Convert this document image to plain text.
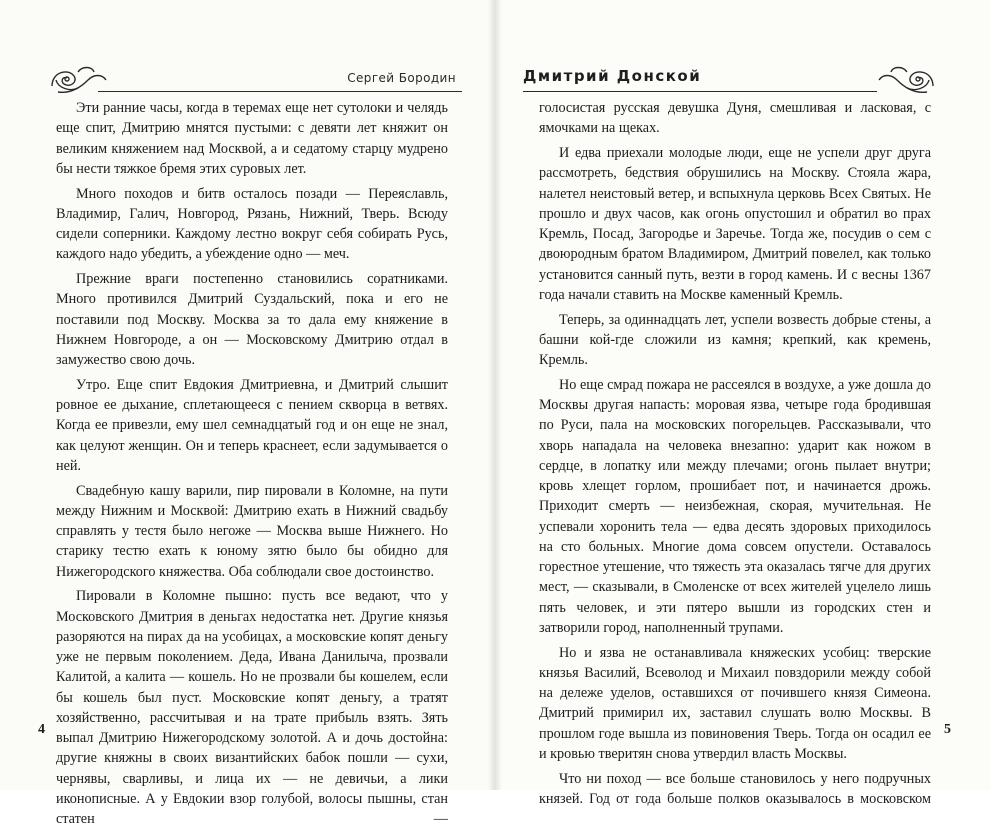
Сергей Бородин

Эти ранние часы, когда в теремах еще нет сутолоки и челядь еще спит, Дмитрию мнятся пустыми: с девяти лет княжит он великим княжением над Москвой, а и седатому старцу мудрено бы нести тяжкое бремя этих суровых лет.

Много походов и битв осталось позади — Переяславль, Владимир, Галич, Новгород, Рязань, Нижний, Тверь. Всюду сидели соперники. Каждому лестно вокруг себя собирать Русь, каждого надо убедить, а убеждение одно — меч.

Прежние враги постепенно становились соратниками. Много противился Дмитрий Суздальский, пока и его не поставили под Москву. Москва за то дала ему княжение в Нижнем Новгороде, а он — Московскому Дмитрию отдал в замужество свою дочь.

Утро. Еще спит Евдокия Дмитриевна, и Дмитрий слышит ровное ее дыхание, сплетающееся с пением скворца в ветвях. Когда ее привезли, ему шел семнадцатый год и он еще не знал, как целуют женщин. Он и теперь краснеет, если задумывается о ней.

Свадебную кашу варили, пир пировали в Коломне, на пути между Нижним и Москвой: Дмитрию ехать в Нижний свадьбу справлять у тестя было негоже — Москва выше Нижнего. Но старику тестю ехать к юному зятю было бы обидно для Нижегородского княжества. Оба соблюдали свое достоинство.

Пировали в Коломне пышно: пусть все ведают, что у Московского Дмитрия в деньгах недостатка нет. Другие князья разоряются на пирах да на усобицах, а московские копят деньгу уже не первым поколением. Деда, Ивана Данилыча, прозвали Калитой, а калита — кошель. Но не прозвали бы кошелем, если бы кошель был пуст. Московские копят деньгу, а тратят хозяйственно, рассчитывая и на трате прибыль взять. Зять выпал Дмитрию Нижегородскому золотой. А и дочь достойна: другие княжны в своих византийских бабок пошли — сухи, чернявы, сварливы, и лица их — не девичьи, а лики иконописные. А у Евдокии взор голубой, волосы пышны, стан статен —

4
Дмитрий Донской

голосистая русская девушка Дуня, смешливая и ласковая, с ямочками на щеках.

И едва приехали молодые люди, еще не успели друг друга рассмотреть, бедствия обрушились на Москву. Стояла жара, налетел неистовый ветер, и вспыхнула церковь Всех Святых. Не прошло и двух часов, как огонь опустошил и обратил во прах Кремль, Посад, Загородье и Заречье. Тогда же, посудив о сем с двоюродным братом Владимиром, Дмитрий повелел, как только установится санный путь, везти в город камень. И с весны 1367 года начали ставить на Москве каменный Кремль.

Теперь, за одиннадцать лет, успели возвесть добрые стены, а башни кой-где сложили из камня; крепкий, как кремень, Кремль.

Но еще смрад пожара не рассеялся в воздухе, а уже дошла до Москвы другая напасть: моровая язва, четыре года бродившая по Руси, пала на московских погорельцев. Рассказывали, что хворь нападала на человека внезапно: ударит как ножом в сердце, в лопатку или между плечами; огонь пылает внутри; кровь хлещет горлом, прошибает пот, и начинается дрожь. Приходит смерть — неизбежная, скорая, мучительная. Не успевали хоронить тела — едва десять здоровых приходилось на сто больных. Многие дома совсем опустели. Оставалось горестное утешение, что тяжесть эта оказалась тягче для других мест, — сказывали, в Смоленске от всех жителей уцелело лишь пять человек, и эти пятеро вышли из городских стен и затворили город, наполненный трупами.

Но и язва не останавливала княжеских усобиц: тверские князья Василий, Всеволод и Михаил повздорили между собой на дележе уделов, оставшихся от почившего князя Симеона. Дмитрий примирил их, заставил слушать волю Москвы. В прошлом годе вышла из повиновения Тверь. Тогда он осадил ее и кровью тверитян снова утвердил власть Москвы.

Что ни поход — все больше становилось у него подручных князей. Год от года больше полков оказывалось в московском

5
